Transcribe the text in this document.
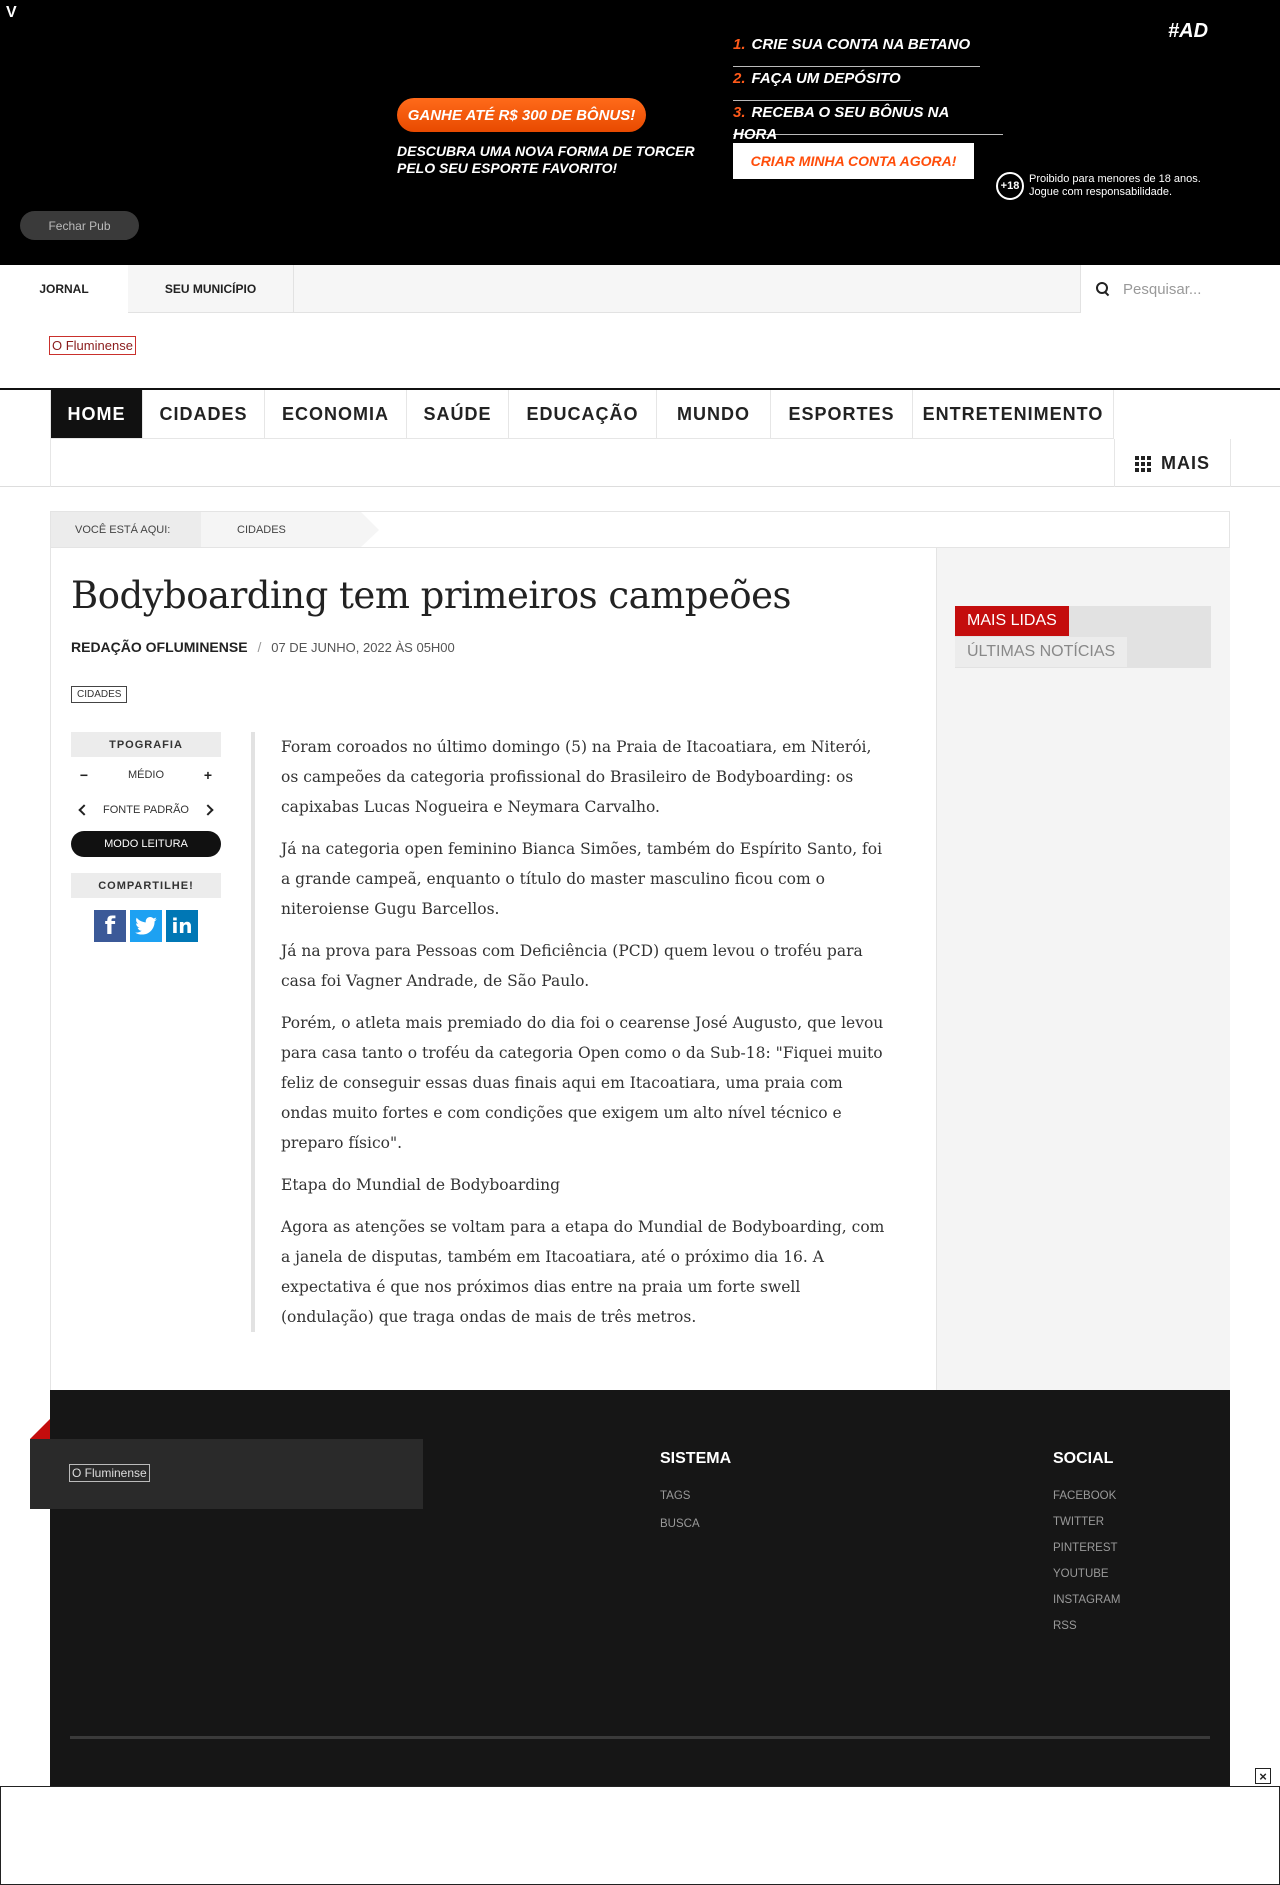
V
Fechar Pub
GANHE ATÉ R$ 300 DE BÔNUS!
DESCUBRA UMA NOVA FORMA DE TORCER
PELO SEU ESPORTE FAVORITO!
1. CRIE SUA CONTA NA BETANO
2. FAÇA UM DEPÓSITO
3. RECEBA O SEU BÔNUS NA HORA
CRIAR MINHA CONTA AGORA!
#AD
+18
Proibido para menores de 18 anos.
Jogue com responsabilidade.
JORNAL	SEU MUNICÍPIO
Pesquisar...
O Fluminense
HOME	CIDADES	ECONOMIA	SAÚDE	EDUCAÇÃO	MUNDO	ESPORTES	ENTRETENIMENTO
MAIS
VOCÊ ESTÁ AQUI:	CIDADES
Bodyboarding tem primeiros campeões
REDAÇÃO OFLUMINENSE / 07 DE JUNHO, 2022 ÀS 05H00
CIDADES
TPOGRAFIA
−	MÉDIO	+
FONTE PADRÃO
MODO LEITURA
COMPARTILHE!
f	in

Foram coroados no último domingo (5) na Praia de Itacoatiara, em Niterói, os campeões da categoria profissional do Brasileiro de Bodyboarding: os capixabas Lucas Nogueira e Neymara Carvalho.

Já na categoria open feminino Bianca Simões, também do Espírito Santo, foi a grande campeã, enquanto o título do master masculino ficou com o niteroiense Gugu Barcellos.

Já na prova para Pessoas com Deficiência (PCD) quem levou o troféu para casa foi Vagner Andrade, de São Paulo.

Porém, o atleta mais premiado do dia foi o cearense José Augusto, que levou para casa tanto o troféu da categoria Open como o da Sub-18: "Fiquei muito feliz de conseguir essas duas finais aqui em Itacoatiara, uma praia com ondas muito fortes e com condições que exigem um alto nível técnico e preparo físico".

Etapa do Mundial de Bodyboarding

Agora as atenções se voltam para a etapa do Mundial de Bodyboarding, com a janela de disputas, também em Itacoatiara, até o próximo dia 16. A expectativa é que nos próximos dias entre na praia um forte swell (ondulação) que traga ondas de mais de três metros.

MAIS LIDAS
ÚLTIMAS NOTÍCIAS
O Fluminense
SISTEMA
TAGS
BUSCA
SOCIAL
FACEBOOK
TWITTER
PINTEREST
YOUTUBE
INSTAGRAM
RSS
×
